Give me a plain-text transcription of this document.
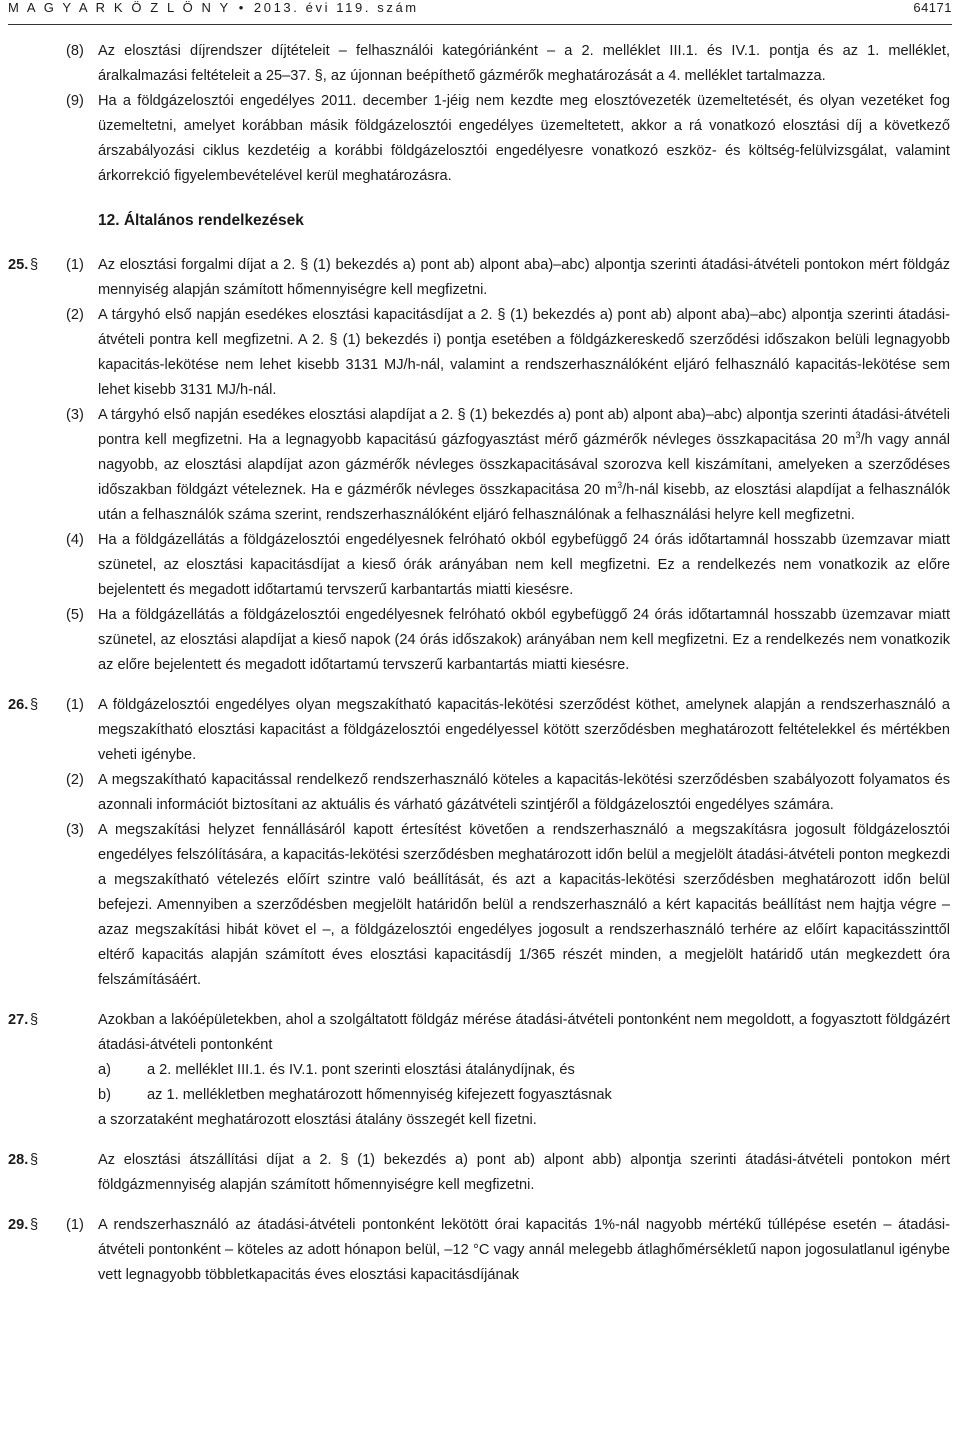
M A G Y A R K Ö Z L Ö N Y • 2013. évi 119. szám	64171
(8) Az elosztási díjrendszer díjtételeit – felhasználói kategóriánként – a 2. melléklet III.1. és IV.1. pontja és az 1. melléklet, áralkalmazási feltételeit a 25–37. §, az újonnan beépíthető gázmérők meghatározását a 4. melléklet tartalmazza.
(9) Ha a földgázelosztói engedélyes 2011. december 1-jéig nem kezdte meg elosztóvezeték üzemeltetését, és olyan vezetéket fog üzemeltetni, amelyet korábban másik földgázelosztói engedélyes üzemeltetett, akkor a rá vonatkozó elosztási díj a következő árszabályozási ciklus kezdetéig a korábbi földgázelosztói engedélyesre vonatkozó eszköz- és költség-felülvizsgálat, valamint árkorrekció figyelembevételével kerül meghatározásra.
12. Általános rendelkezések
25. § (1) Az elosztási forgalmi díjat a 2. § (1) bekezdés a) pont ab) alpont aba)–abc) alpontja szerinti átadási-átvételi pontokon mért földgáz mennyiség alapján számított hőmennyiségre kell megfizetni.
(2) A tárgyhó első napján esedékes elosztási kapacitásdíjat a 2. § (1) bekezdés a) pont ab) alpont aba)–abc) alpontja szerinti átadási-átvételi pontra kell megfizetni. A 2. § (1) bekezdés i) pontja esetében a földgázkereskedő szerződési időszakon belüli legnagyobb kapacitás-lekötése nem lehet kisebb 3131 MJ/h-nál, valamint a rendszerhasználóként eljáró felhasználó kapacitás-lekötése sem lehet kisebb 3131 MJ/h-nál.
(3) A tárgyhó első napján esedékes elosztási alapdíjat a 2. § (1) bekezdés a) pont ab) alpont aba)–abc) alpontja szerinti átadási-átvételi pontra kell megfizetni. Ha a legnagyobb kapacitású gázfogyasztást mérő gázmérők névleges összkapacitása 20 $m^3/h$ vagy annál nagyobb, az elosztási alapdíjat azon gázmérők névleges összkapacitásával szorozva kell kiszámítani, amelyeken a szerződéses időszakban földgázt vételeznek. Ha e gázmérők névleges összkapacitása 20 $m^3/h$-nál kisebb, az elosztási alapdíjat a felhasználók után a felhasználók száma szerint, rendszerhasználóként eljáró felhasználónak a felhasználási helyre kell megfizetni.
(4) Ha a földgázellátás a földgázelosztói engedélyesnek felróható okból egybefüggő 24 órás időtartamnál hosszabb üzemzavar miatt szünetel, az elosztási kapacitásdíjat a kieső órák arányában nem kell megfizetni. Ez a rendelkezés nem vonatkozik az előre bejelentett és megadott időtartamú tervszerű karbantartás miatti kiesésre.
(5) Ha a földgázellátás a földgázelosztói engedélyesnek felróható okból egybefüggő 24 órás időtartamnál hosszabb üzemzavar miatt szünetel, az elosztási alapdíjat a kieső napok (24 órás időszakok) arányában nem kell megfizetni. Ez a rendelkezés nem vonatkozik az előre bejelentett és megadott időtartamú tervszerű karbantartás miatti kiesésre.
26. § (1) A földgázelosztói engedélyes olyan megszakítható kapacitás-lekötési szerződést köthet, amelynek alapján a rendszerhasználó a megszakítható elosztási kapacitást a földgázelosztói engedélyessel kötött szerződésben meghatározott feltételekkel és mértékben veheti igénybe.
(2) A megszakítható kapacitással rendelkező rendszerhasználó köteles a kapacitás-lekötési szerződésben szabályozott folyamatos és azonnali információt biztosítani az aktuális és várható gázátvételi szintjéről a földgázelosztói engedélyes számára.
(3) A megszakítási helyzet fennállásáról kapott értesítést követően a rendszerhasználó a megszakításra jogosult földgázelosztói engedélyes felszólítására, a kapacitás-lekötési szerződésben meghatározott időn belül a megjelölt átadási-átvételi ponton megkezdi a megszakítható vételezés előírt szintre való beállítását, és azt a kapacitás-lekötési szerződésben meghatározott időn belül befejezi. Amennyiben a szerződésben megjelölt határidőn belül a rendszerhasználó a kért kapacitás beállítást nem hajtja végre – azaz megszakítási hibát követ el –, a földgázelosztói engedélyes jogosult a rendszerhasználó terhére az előírt kapacitásszinttől eltérő kapacitás alapján számított éves elosztási kapacitásdíj 1/365 részét minden, a megjelölt határidő után megkezdett óra felszámításáért.
27. §	Azokban a lakóépületekben, ahol a szolgáltatott földgáz mérése átadási-átvételi pontonként nem megoldott, a fogyasztott földgázért átadási-átvételi pontonként
a) a 2. melléklet III.1. és IV.1. pont szerinti elosztási átalánydíjnak, és
b) az 1. mellékletben meghatározott hőmennyiség kifejezett fogyasztásnak
a szorzataként meghatározott elosztási átalány összegét kell fizetni.
28. §	Az elosztási átszállítási díjat a 2. § (1) bekezdés a) pont ab) alpont abb) alpontja szerinti átadási-átvételi pontokon mért földgázmennyiség alapján számított hőmennyiségre kell megfizetni.
29. § (1) A rendszerhasználó az átadási-átvételi pontonként lekötött órai kapacitás 1%-nál nagyobb mértékű túllépése esetén – átadási-átvételi pontonként – köteles az adott hónapon belül, –12 °C vagy annál melegebb átlaghőmérsékletű napon jogosulatlanul igénybe vett legnagyobb többletkapacitás éves elosztási kapacitásdíjának
